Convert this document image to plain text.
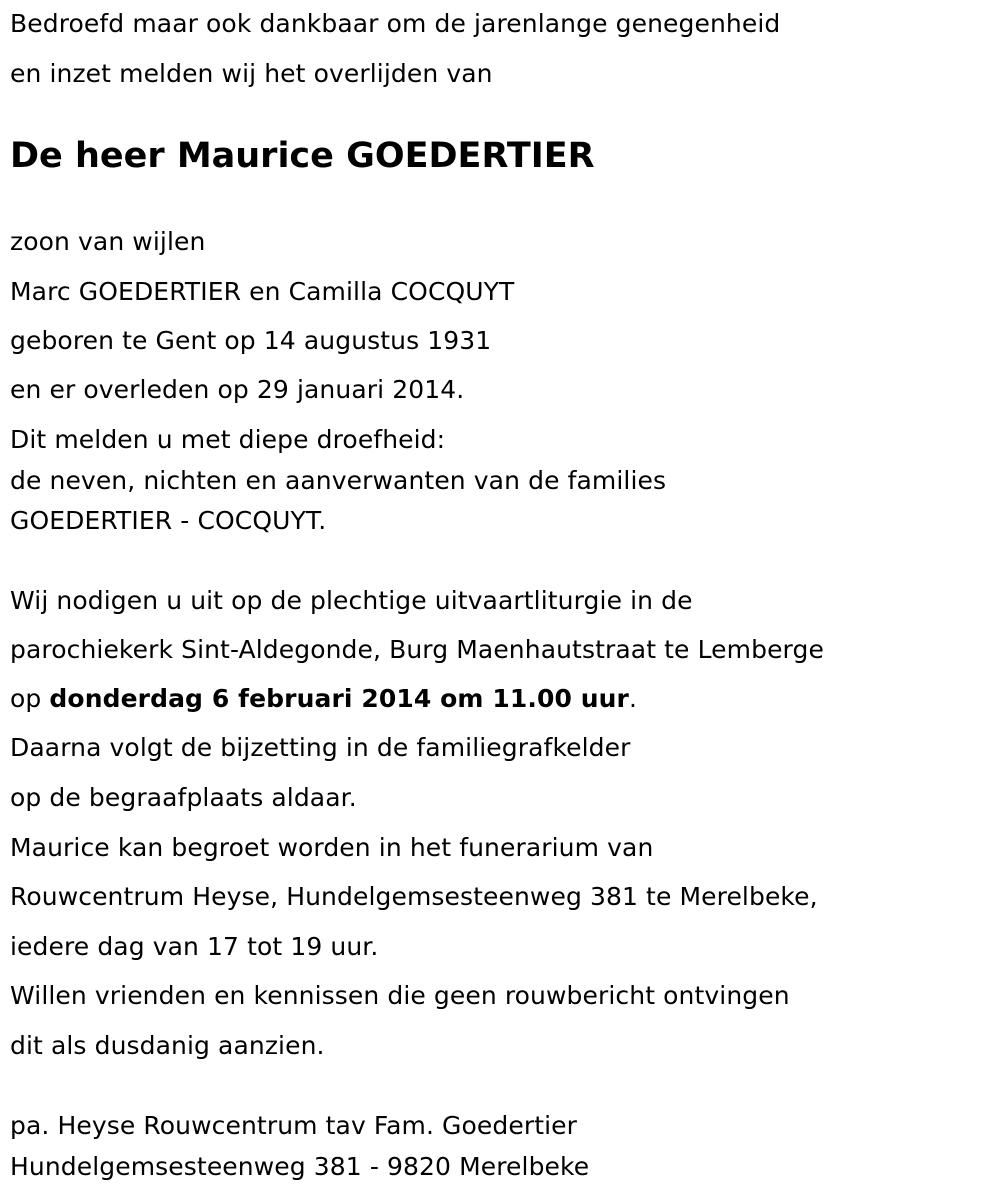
Bedroefd maar ook dankbaar om de jarenlange genegenheid
en inzet melden wij het overlijden van
De heer Maurice GOEDERTIER
zoon van wijlen
Marc GOEDERTIER en Camilla COCQUYT
geboren te Gent op 14 augustus 1931
en er overleden op 29 januari 2014.
Dit melden u met diepe droefheid:
de neven, nichten en aanverwanten van de families
GOEDERTIER - COCQUYT.
Wij nodigen u uit op de plechtige uitvaartliturgie in de
parochiekerk Sint-Aldegonde, Burg Maenhautstraat te Lemberge
op donderdag 6 februari 2014 om 11.00 uur.
Daarna volgt de bijzetting in de familiegrafkelder
op de begraafplaats aldaar.
Maurice kan begroet worden in het funerarium van
Rouwcentrum Heyse, Hundelgemsesteenweg 381 te Merelbeke,
iedere dag van 17 tot 19 uur.
Willen vrienden en kennissen die geen rouwbericht ontvingen
dit als dusdanig aanzien.
pa. Heyse Rouwcentrum tav Fam. Goedertier
Hundelgemsesteenweg 381 - 9820 Merelbeke
